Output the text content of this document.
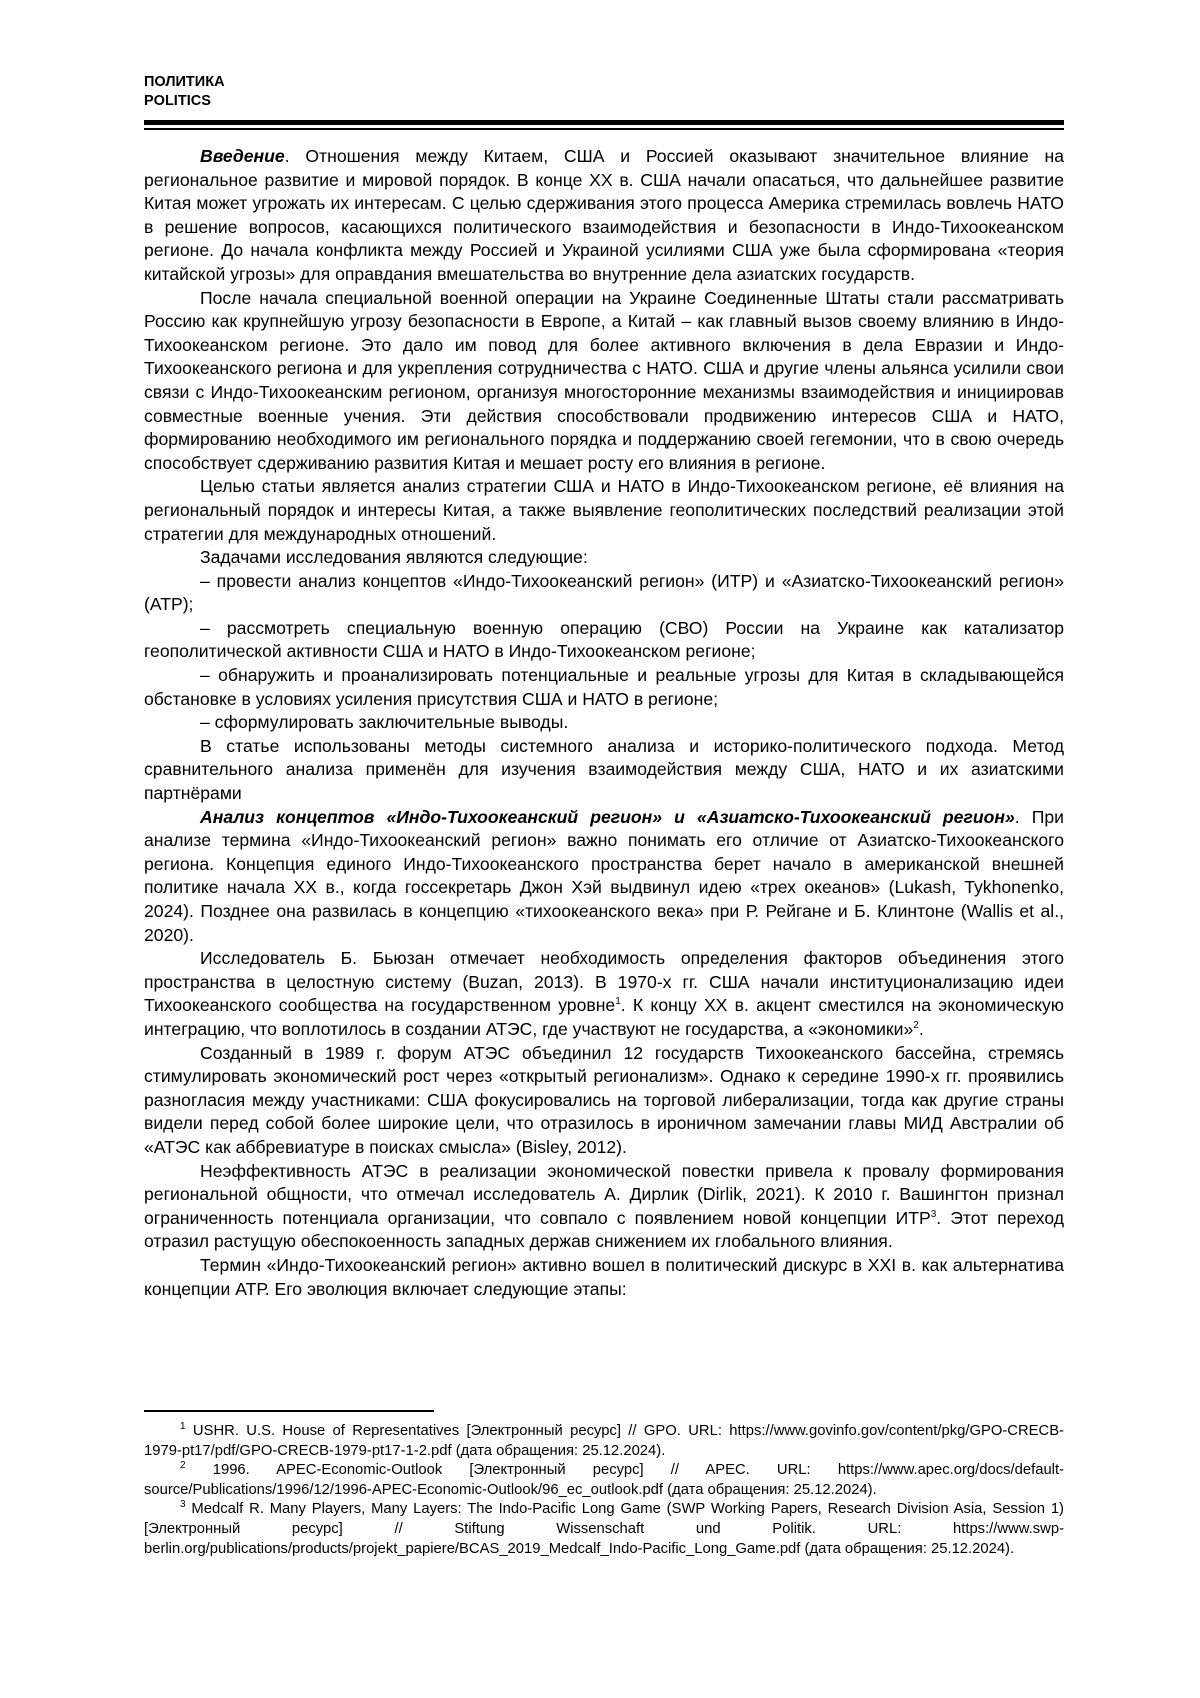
ПОЛИТИКА
POLITICS

Введение. Отношения между Китаем, США и Россией оказывают значительное влияние на региональное развитие и мировой порядок. В конце XX в. США начали опасаться, что дальнейшее развитие Китая может угрожать их интересам. С целью сдерживания этого процесса Америка стремилась вовлечь НАТО в решение вопросов, касающихся политического взаимодействия и безопасности в Индо-Тихоокеанском регионе. До начала конфликта между Россией и Украиной усилиями США уже была сформирована «теория китайской угрозы» для оправдания вмешательства во внутренние дела азиатских государств.

После начала специальной военной операции на Украине Соединенные Штаты стали рассматривать Россию как крупнейшую угрозу безопасности в Европе, а Китай – как главный вызов своему влиянию в Индо-Тихоокеанском регионе. Это дало им повод для более активного включения в дела Евразии и Индо-Тихоокеанского региона и для укрепления сотрудничества с НАТО. США и другие члены альянса усилили свои связи с Индо-Тихоокеанским регионом, организуя многосторонние механизмы взаимодействия и инициировав совместные военные учения. Эти действия способствовали продвижению интересов США и НАТО, формированию необходимого им регионального порядка и поддержанию своей гегемонии, что в свою очередь способствует сдерживанию развития Китая и мешает росту его влияния в регионе.

Целью статьи является анализ стратегии США и НАТО в Индо-Тихоокеанском регионе, её влияния на региональный порядок и интересы Китая, а также выявление геополитических последствий реализации этой стратегии для международных отношений.

Задачами исследования являются следующие:

– провести анализ концептов «Индо-Тихоокеанский регион» (ИТР) и «Азиатско-Тихоокеанский регион» (АТР);

– рассмотреть специальную военную операцию (СВО) России на Украине как катализатор геополитической активности США и НАТО в Индо-Тихоокеанском регионе;

– обнаружить и проанализировать потенциальные и реальные угрозы для Китая в складывающейся обстановке в условиях усиления присутствия США и НАТО в регионе;

– сформулировать заключительные выводы.

В статье использованы методы системного анализа и историко-политического подхода. Метод сравнительного анализа применён для изучения взаимодействия между США, НАТО и их азиатскими партнёрами

Анализ концептов «Индо-Тихоокеанский регион» и «Азиатско-Тихоокеанский регион». При анализе термина «Индо-Тихоокеанский регион» важно понимать его отличие от Азиатско-Тихоокеанского региона. Концепция единого Индо-Тихоокеанского пространства берет начало в американской внешней политике начала XX в., когда госсекретарь Джон Хэй выдвинул идею «трех океанов» (Lukash, Tykhonenko, 2024). Позднее она развилась в концепцию «тихоокеанского века» при Р. Рейгане и Б. Клинтоне (Wallis et al., 2020).

Исследователь Б. Бьюзан отмечает необходимость определения факторов объединения этого пространства в целостную систему (Buzan, 2013). В 1970-х гг. США начали институционализацию идеи Тихоокеанского сообщества на государственном уровне$^1$. К концу XX в. акцент сместился на экономическую интеграцию, что воплотилось в создании АТЭС, где участвуют не государства, а «экономики»$^2$.

Созданный в 1989 г. форум АТЭС объединил 12 государств Тихоокеанского бассейна, стремясь стимулировать экономический рост через «открытый регионализм». Однако к середине 1990-х гг. проявились разногласия между участниками: США фокусировались на торговой либерализации, тогда как другие страны видели перед собой более широкие цели, что отразилось в ироничном замечании главы МИД Австралии об «АТЭС как аббревиатуре в поисках смысла» (Bisley, 2012).

Неэффективность АТЭС в реализации экономической повестки привела к провалу формирования региональной общности, что отмечал исследователь А. Дирлик (Dirlik, 2021). К 2010 г. Вашингтон признал ограниченность потенциала организации, что совпало с появлением новой концепции ИТР$^3$. Этот переход отразил растущую обеспокоенность западных держав снижением их глобального влияния.

Термин «Индо-Тихоокеанский регион» активно вошел в политический дискурс в XXI в. как альтернатива концепции АТР. Его эволюция включает следующие этапы:

$^1$ USHR. U.S. House of Representatives [Электронный ресурс] // GPO. URL: https://www.govinfo.gov/content/pkg/GPO-CRECB-1979-pt17/pdf/GPO-CRECB-1979-pt17-1-2.pdf (дата обращения: 25.12.2024).

$^2$ 1996. APEC-Economic-Outlook [Электронный ресурс] // APEC. URL: https://www.apec.org/docs/default-source/Publications/1996/12/1996-APEC-Economic-Outlook/96_ec_outlook.pdf (дата обращения: 25.12.2024).

$^3$ Medcalf R. Many Players, Many Layers: The Indo-Pacific Long Game (SWP Working Papers, Research Division Asia, Session 1) [Электронный ресурс] // Stiftung Wissenschaft und Politik. URL: https://www.swp-berlin.org/publications/products/projekt_papiere/BCAS_2019_Medcalf_Indo-Pacific_Long_Game.pdf (дата обращения: 25.12.2024).
